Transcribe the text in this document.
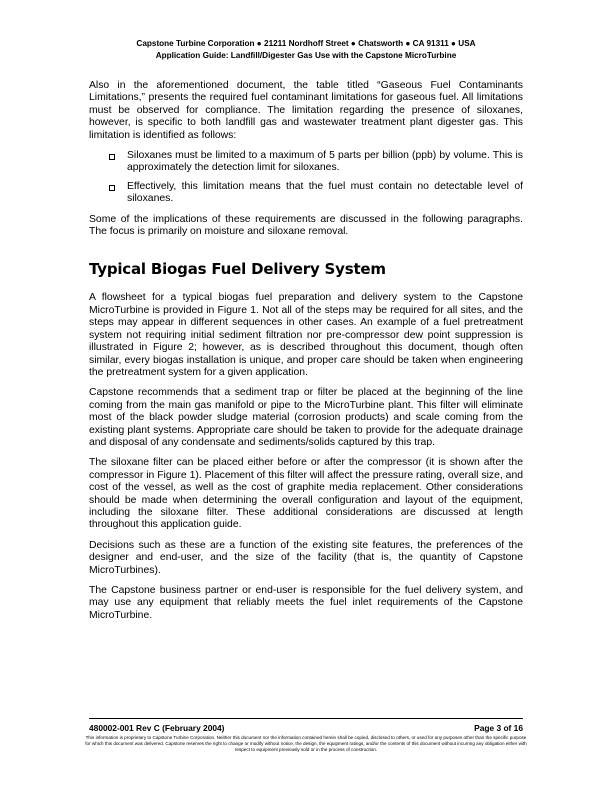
Capstone Turbine Corporation ● 21211 Nordhoff Street ● Chatsworth ● CA 91311 ● USA
Application Guide: Landfill/Digester Gas Use with the Capstone MicroTurbine

Also in the aforementioned document, the table titled “Gaseous Fuel Contaminants Limitations,” presents the required fuel contaminant limitations for gaseous fuel. All limitations must be observed for compliance. The limitation regarding the presence of siloxanes, however, is specific to both landfill gas and wastewater treatment plant digester gas. This limitation is identified as follows:

Siloxanes must be limited to a maximum of 5 parts per billion (ppb) by volume. This is approximately the detection limit for siloxanes.
Effectively, this limitation means that the fuel must contain no detectable level of siloxanes.

Some of the implications of these requirements are discussed in the following paragraphs. The focus is primarily on moisture and siloxane removal.

Typical Biogas Fuel Delivery System

A flowsheet for a typical biogas fuel preparation and delivery system to the Capstone MicroTurbine is provided in Figure 1. Not all of the steps may be required for all sites, and the steps may appear in different sequences in other cases. An example of a fuel pretreatment system not requiring initial sediment filtration nor pre-compressor dew point suppression is illustrated in Figure 2; however, as is described throughout this document, though often similar, every biogas installation is unique, and proper care should be taken when engineering the pretreatment system for a given application.

Capstone recommends that a sediment trap or filter be placed at the beginning of the line coming from the main gas manifold or pipe to the MicroTurbine plant. This filter will eliminate most of the black powder sludge material (corrosion products) and scale coming from the existing plant systems. Appropriate care should be taken to provide for the adequate drainage and disposal of any condensate and sediments/solids captured by this trap.

The siloxane filter can be placed either before or after the compressor (it is shown after the compressor in Figure 1). Placement of this filter will affect the pressure rating, overall size, and cost of the vessel, as well as the cost of graphite media replacement. Other considerations should be made when determining the overall configuration and layout of the equipment, including the siloxane filter. These additional considerations are discussed at length throughout this application guide.

Decisions such as these are a function of the existing site features, the preferences of the designer and end-user, and the size of the facility (that is, the quantity of Capstone MicroTurbines).

The Capstone business partner or end-user is responsible for the fuel delivery system, and may use any equipment that reliably meets the fuel inlet requirements of the Capstone MicroTurbine.

480002-001 Rev C (February 2004)	Page 3 of 16
This information is proprietary to Capstone Turbine Corporation. Neither this document nor the information contained herein shall be copied, disclosed to others, or used for any purposes other than the specific purpose for which this document was delivered. Capstone reserves the right to change or modify without notice, the design, the equipment ratings, and/or the contents of this document without incurring any obligation either with respect to equipment previously sold or in the process of construction.
